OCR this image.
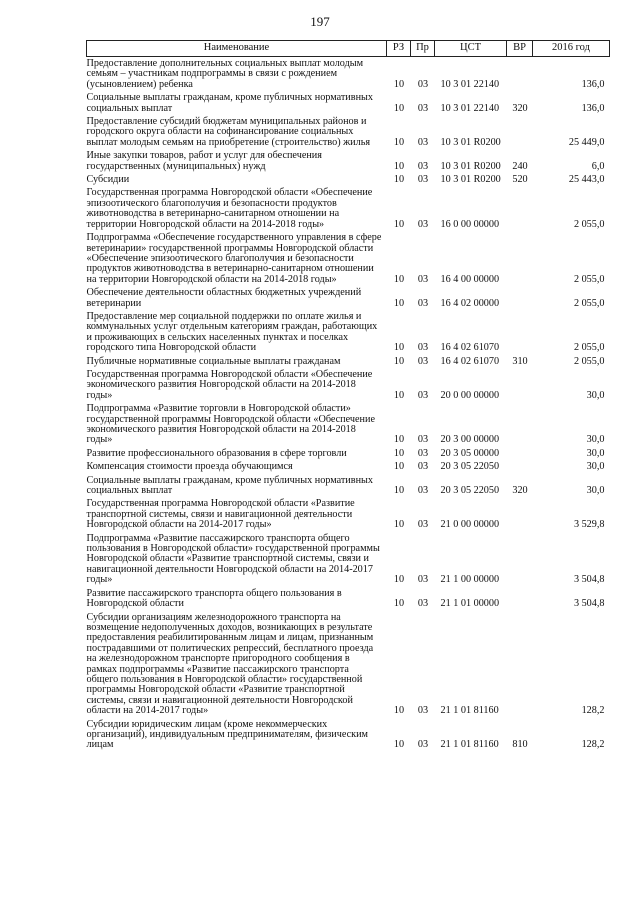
197
Наименование	РЗ	Пр	ЦСТ	ВР	2016 год
Предоставление дополнительных социальных выплат молодым семьям – участникам подпрограммы в связи с рождением (усыновлением) ребенка	10	03	10 3 01 22140		136,0
Социальные выплаты гражданам, кроме публичных нормативных социальных выплат	10	03	10 3 01 22140	320	136,0
Предоставление субсидий бюджетам муниципальных районов и городского округа области на софинансирование социальных выплат молодым семьям на приобретение (строительство) жилья	10	03	10 3 01 R0200		25 449,0
Иные закупки товаров, работ и услуг для обеспечения государственных (муниципальных) нужд	10	03	10 3 01 R0200	240	6,0
Субсидии	10	03	10 3 01 R0200	520	25 443,0
Государственная программа Новгородской области «Обеспечение эпизоотического благополучия и безопасности продуктов животноводства в ветеринарно-санитарном отношении на территории Новгородской области на 2014-2018 годы»	10	03	16 0 00 00000		2 055,0
Подпрограмма «Обеспечение государственного управления в сфере ветеринарии» государственной программы Новгородской области «Обеспечение эпизоотического благополучия и безопасности продуктов животноводства в ветеринарно-санитарном отношении на территории Новгородской области на 2014-2018 годы»	10	03	16 4 00 00000		2 055,0
Обеспечение деятельности областных бюджетных учреждений ветеринарии	10	03	16 4 02 00000		2 055,0
Предоставление мер социальной поддержки по оплате жилья и коммунальных услуг отдельным категориям граждан, работающих и проживающих в сельских населенных пунктах и поселках городского типа Новгородской области	10	03	16 4 02 61070		2 055,0
Публичные нормативные социальные выплаты гражданам	10	03	16 4 02 61070	310	2 055,0
Государственная программа Новгородской области «Обеспечение экономического развития Новгородской области на 2014-2018 годы»	10	03	20 0 00 00000		30,0
Подпрограмма «Развитие торговли в Новгородской области» государственной программы Новгородской области «Обеспечение экономического развития Новгородской области на 2014-2018 годы»	10	03	20 3 00 00000		30,0
Развитие профессионального образования в сфере торговли	10	03	20 3 05 00000		30,0
Компенсация стоимости проезда обучающимся	10	03	20 3 05 22050		30,0
Социальные выплаты гражданам, кроме публичных нормативных социальных выплат	10	03	20 3 05 22050	320	30,0
Государственная программа Новгородской области «Развитие транспортной системы, связи и навигационной деятельности Новгородской области на 2014-2017 годы»	10	03	21 0 00 00000		3 529,8
Подпрограмма «Развитие пассажирского транспорта общего пользования в Новгородской области» государственной программы Новгородской области «Развитие транспортной системы, связи и навигационной деятельности Новгородской области на 2014-2017 годы»	10	03	21 1 00 00000		3 504,8
Развитие пассажирского транспорта общего пользования в Новгородской области	10	03	21 1 01 00000		3 504,8
Субсидии организациям железнодорожного транспорта на возмещение недополученных доходов, возникающих в результате предоставления реабилитированным лицам и лицам, признанным пострадавшими от политических репрессий, бесплатного проезда на железнодорожном транспорте пригородного сообщения в рамках подпрограммы «Развитие пассажирского транспорта общего пользования в Новгородской области» государственной программы Новгородской области «Развитие транспортной системы, связи и навигационной деятельности Новгородской области на 2014-2017 годы»	10	03	21 1 01 81160		128,2
Субсидии юридическим лицам (кроме некоммерческих организаций), индивидуальным предпринимателям, физическим лицам	10	03	21 1 01 81160	810	128,2
